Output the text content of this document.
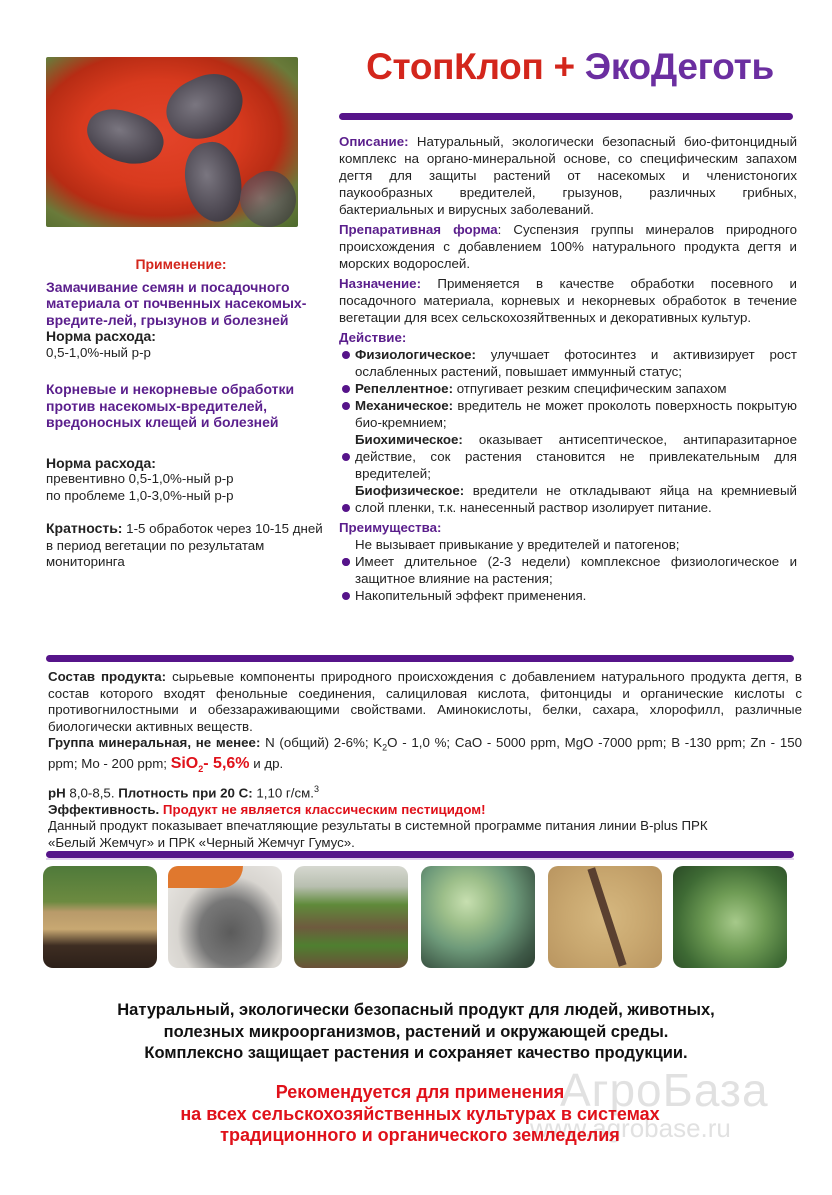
СтопКлоп + ЭкоДеготь

Описание: Натуральный, экологически безопасный био-фитонцидный комплекс на органо-минеральной основе, со специфическим запахом дегтя для защиты растений от насекомых и членистоногих паукообразных вредителей, грызунов, различных грибных, бактериальных и вирусных заболеваний.

Препаративная форма: Суспензия группы минералов природного происхождения с добавлением 100% натурального продукта дегтя и морских водорослей.

Назначение: Применяется в качестве обработки посевного и посадочного материала, корневых и некорневых обработок в течение вегетации для всех сельскохозяйтвенных и декоративных культур.

Действие:

Физиологическое: улучшает фотосинтез и активизирует рост ослабленных растений, повышает иммунный статус;
Репеллентное: отпугивает резким специфическим запахом
Механическое: вредитель не может проколоть поверхность покрытую био-кремнием;
Биохимическое: оказывает антисептическое, антипаразитарное действие, сок растения становится не привлекательным для вредителей;
Биофизическое: вредители не откладывают яйца на кремниевый слой пленки, т.к. нанесенный раствор изолирует питание.

Преимущества:

Не вызывает привыкание у вредителей и патогенов;
Имеет длительное (2-3 недели) комплексное физиологическое и защитное влияние на растения;
Накопительный эффект применения.
Применение:
Замачивание семян и посадочного материала от почвенных насекомых-вредите-лей, грызунов и болезней
Норма расхода:
0,5-1,0%-ный р-р
Корневые и некорневые обработки против насекомых-вредителей, вредоносных клещей и болезней
Норма расхода:
превентивно 0,5-1,0%-ный р-р
по проблеме 1,0-3,0%-ный р-р
Кратность: 1-5 обработок через 10-15 дней в период вегетации по результатам мониторинга

Состав продукта: сырьевые компоненты природного происхождения с добавлением натурального продукта дегтя, в состав которого входят фенольные соединения, салициловая кислота, фитонциды и органические кислоты с противогнилостными и обеззараживающими свойствами. Аминокислоты, белки, сахара, хлорофилл, различные биологически активных веществ.

Группа минеральная, не менее: N (общий) 2-6%; $K_2O - 1,0$ %; CaO - 5000 ppm, MgO -7000 ppm; B -130 ppm; Zn - 150 ppm; Mo - 200 ppm; SiO$_2$- 5,6% и др.

pH 8,0-8,5. Плотность при 20 С: 1,10 г/см.$^3$

Эффективность. Продукт не является классическим пестицидом!

Данный продукт показывает впечатляющие результаты в системной программе питания линии B-plus ПРК «Белый Жемчуг» и ПРК «Черный Жемчуг Гумус».

Натуральный, экологически безопасный продукт для людей, животных,
полезных микроорганизмов, растений и окружающей среды.
Комплексно защищает растения и сохраняет качество продукции.
АгроБаза
www.agrobase.ru
Рекомендуется для применения
на всех сельскохозяйственных культурах в системах
традиционного и органического земледелия
